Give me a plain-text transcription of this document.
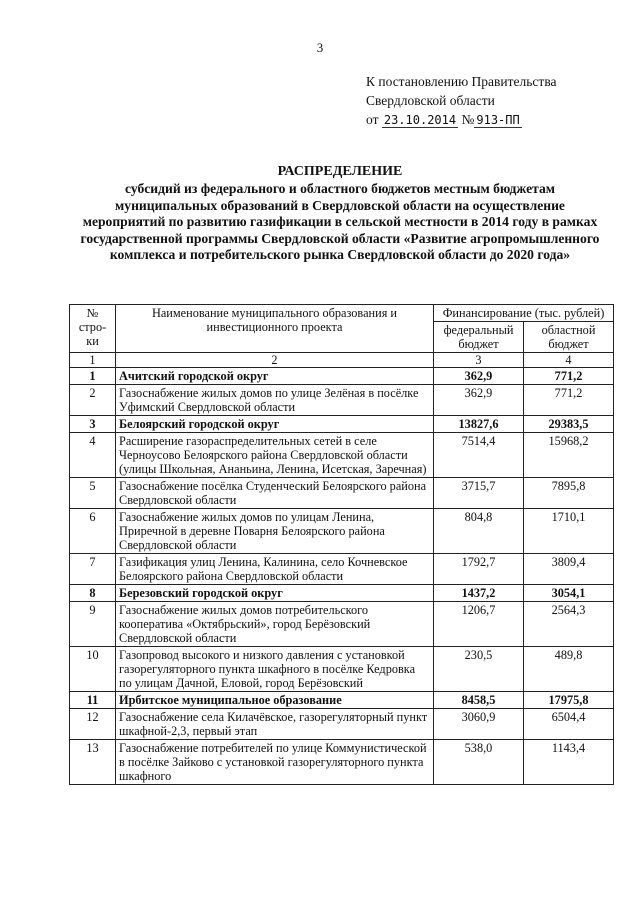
3
К постановлению Правительства
Свердловской области
от 23.10.2014 № 913-ПП
РАСПРЕДЕЛЕНИЕ
субсидий из федерального и областного бюджетов местным бюджетам муниципальных образований в Свердловской области на осуществление мероприятий по развитию газификации в сельской местности в 2014 году в рамках государственной программы Свердловской области «Развитие агропромышленного комплекса и потребительского рынка Свердловской области до 2020 года»
№ стро-ки	Наименование муниципального образования и инвестиционного проекта	Финансирование (тыс. рублей)	
		федеральный бюджет	областной бюджет
1	2	3	4
1	Ачитский городской округ	362,9	771,2
2	Газоснабжение жилых домов по улице Зелёная в посёлке Уфимский Свердловской области	362,9	771,2
3	Белоярский городской округ	13827,6	29383,5
4	Расширение газораспределительных сетей в селе Черноусово Белоярского района Свердловской области (улицы Школьная, Ананьина, Ленина, Исетская, Заречная)	7514,4	15968,2
5	Газоснабжение посёлка Студенческий Белоярского района Свердловской области	3715,7	7895,8
6	Газоснабжение жилых домов по улицам Ленина, Приречной в деревне Поварня Белоярского района Свердловской области	804,8	1710,1
7	Газификация улиц Ленина, Калинина, село Кочневское Белоярского района Свердловской области	1792,7	3809,4
8	Березовский городской округ	1437,2	3054,1
9	Газоснабжение жилых домов потребительского кооператива «Октябрьский», город Берёзовский Свердловской области	1206,7	2564,3
10	Газопровод высокого и низкого давления с установкой газорегуляторного пункта шкафного в посёлке Кедровка по улицам Дачной, Еловой, город Берёзовский	230,5	489,8
11	Ирбитское муниципальное образование	8458,5	17975,8
12	Газоснабжение села Килачёвское, газорегуляторный пункт шкафной-2,3, первый этап	3060,9	6504,4
13	Газоснабжение потребителей по улице Коммунистической в посёлке Зайково с установкой газорегуляторного пункта шкафного	538,0	1143,4
